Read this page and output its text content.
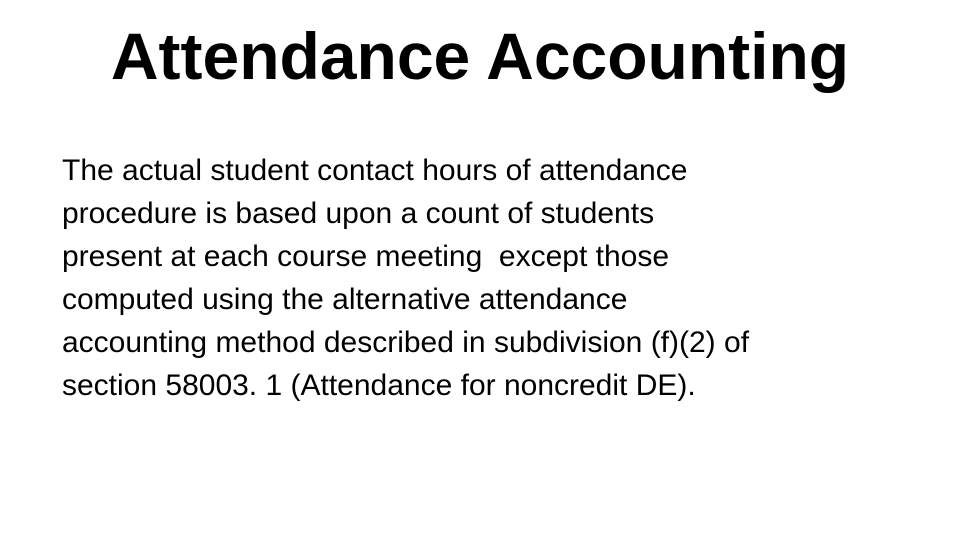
Attendance Accounting
The actual student contact hours of attendance
procedure is based upon a count of students
present at each course meeting  except those
computed using the alternative attendance
accounting method described in subdivision (f)(2) of
section 58003. 1 (Attendance for noncredit DE).
